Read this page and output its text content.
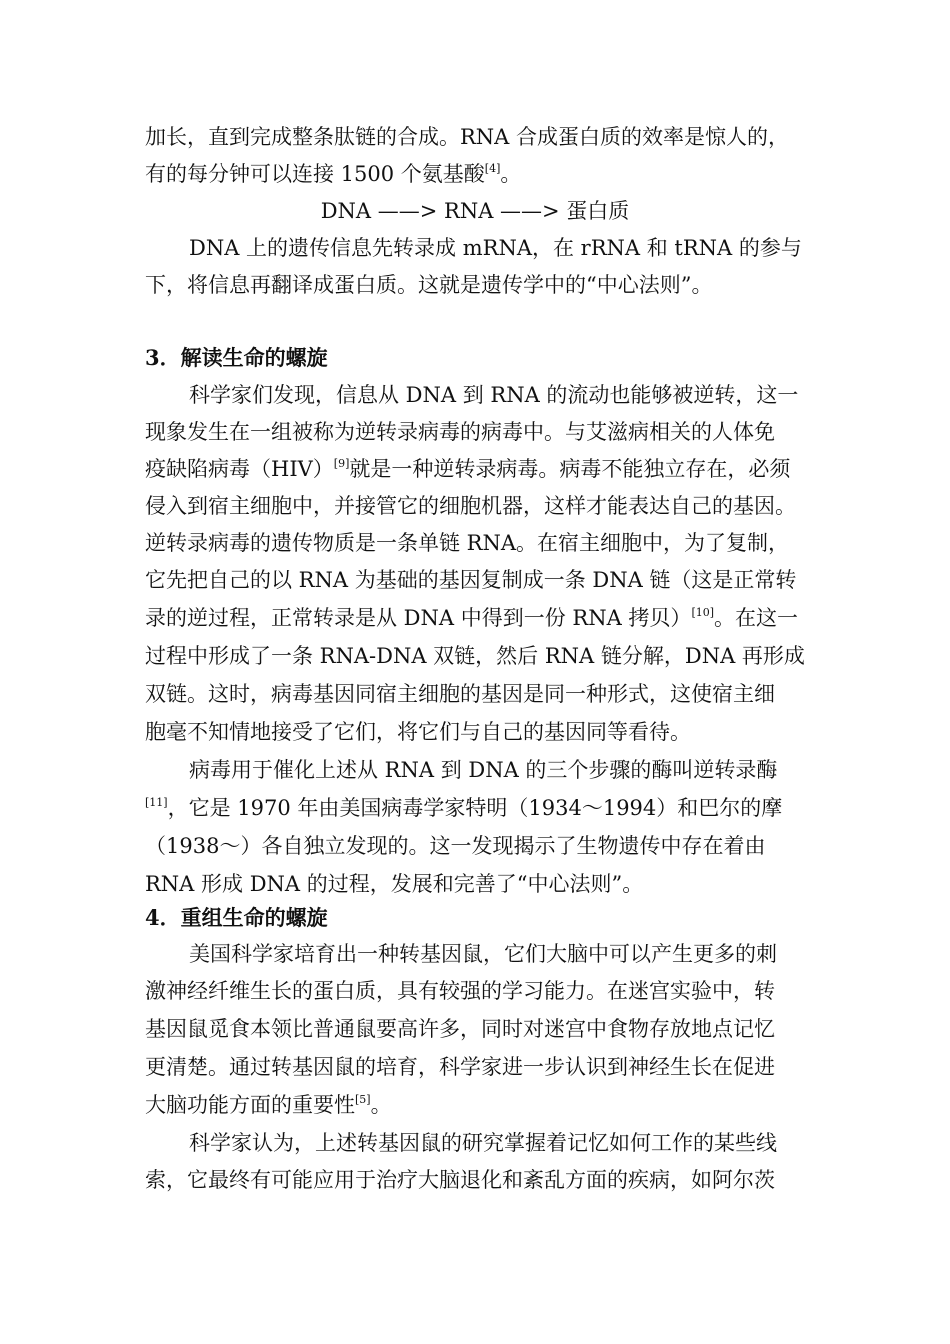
加长，直到完成整条肽链的合成。RNA 合成蛋白质的效率是惊人的，
有的每分钟可以连接 1500 个氨基酸[4]。
DNA ——> RNA ——> 蛋白质
DNA 上的遗传信息先转录成 mRNA，在 rRNA 和 tRNA 的参与
下，将信息再翻译成蛋白质。这就是遗传学中的“中心法则”。
3．解读生命的螺旋
科学家们发现，信息从 DNA 到 RNA 的流动也能够被逆转，这一
现象发生在一组被称为逆转录病毒的病毒中。与艾滋病相关的人体免
疫缺陷病毒（HIV）[9]就是一种逆转录病毒。病毒不能独立存在，必须
侵入到宿主细胞中，并接管它的细胞机器，这样才能表达自己的基因。
逆转录病毒的遗传物质是一条单链 RNA。在宿主细胞中，为了复制，
它先把自己的以 RNA 为基础的基因复制成一条 DNA 链（这是正常转
录的逆过程，正常转录是从 DNA 中得到一份 RNA 拷贝）[10]。在这一
过程中形成了一条 RNA-DNA 双链，然后 RNA 链分解，DNA 再形成
双链。这时，病毒基因同宿主细胞的基因是同一种形式，这使宿主细
胞毫不知情地接受了它们，将它们与自己的基因同等看待。
病毒用于催化上述从 RNA 到 DNA 的三个步骤的酶叫逆转录酶
[11]，它是 1970 年由美国病毒学家特明（1934～1994）和巴尔的摩
（1938～）各自独立发现的。这一发现揭示了生物遗传中存在着由
RNA 形成 DNA 的过程，发展和完善了“中心法则”。
4．重组生命的螺旋
美国科学家培育出一种转基因鼠，它们大脑中可以产生更多的刺
激神经纤维生长的蛋白质，具有较强的学习能力。在迷宫实验中，转
基因鼠觅食本领比普通鼠要高许多，同时对迷宫中食物存放地点记忆
更清楚。通过转基因鼠的培育，科学家进一步认识到神经生长在促进
大脑功能方面的重要性[5]。
科学家认为，上述转基因鼠的研究掌握着记忆如何工作的某些线
索，它最终有可能应用于治疗大脑退化和紊乱方面的疾病，如阿尔茨
